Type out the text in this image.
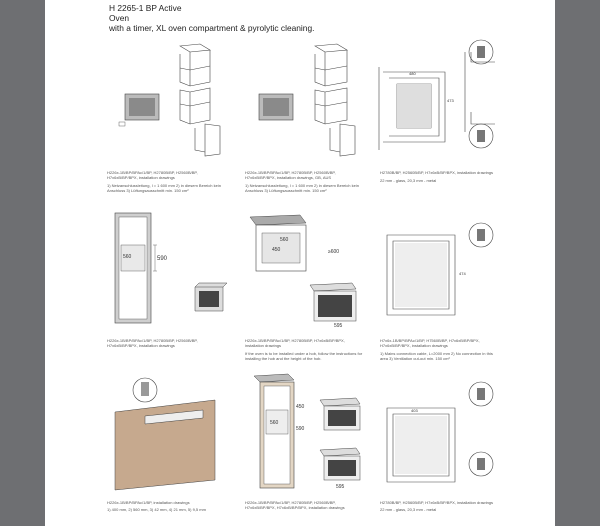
H 2265-1 BP Active
Oven
with a timer, XL oven compartment & pyrolytic cleaning.
480
473
H226x-1B/BP/BPAc/1/BP, H2780B/BP, H2560B/BP, H7x6xB/BP/BPX, installation drawings
1) Netzanschlussleitung, l = 1 600 mm 2) in diesem Bereich kein Anschluss 3) Lüftungsausschnitt min. 150 cm²
H226x-1B/BP/BPAc/1/BP, H2780B/BP, H2560B/BP, H7x6xB/BP/BPX, installation drawings, GB, AUS
1) Netzanschlussleitung, l = 1 600 mm 2) in diesem Bereich kein Anschluss 3) Lüftungsausschnitt min. 150 cm²
H2780B/BP, H2560B/BP, H7x6xB/BP/BPX, installation drawings
22 mm - glass, 20,3 mm - metal
590
560
560
450	≥600
595
474
H226x-1B/BP/BPAc/1/BP, H2780B/BP, H2560B/BP, H7x6xB/BP/BPX, installation drawings
H226x-1B/BP/BPAc/1/BP, H2780B/BP, H7x6xB/BP/BPX, installation drawings
If the oven is to be installed under a hob, follow the instructions for installing the hob and the height of the hob.
H7x6x-1B/BP/BPAc/1/BP, H7560B/BP, H7x6xB/BP/BPX, H7x6xB/BP/BPX, installation drawings
1) Mains connection cable, L=2000 mm 2) No connection in this area 3) Ventilation cut-out min. 150 cm²
450
590
560
595
403
H226x-1B/BP/BPAc/1/BP, installation drawings
1) 400 mm, 2) 560 mm, 3) 42 mm, 4) 21 mm, 5) 9,5 mm
H226x-1B/BP/BPAc/1/BP, H2780B/BP, H2560B/BP, H7x6xB/BP/BPX, H7x6xB/BP/BPX, installation drawings
H2780B/BP, H2560B/BP, H7x6xB/BP/BPX, installation drawings
22 mm - glass, 20,3 mm - metal
